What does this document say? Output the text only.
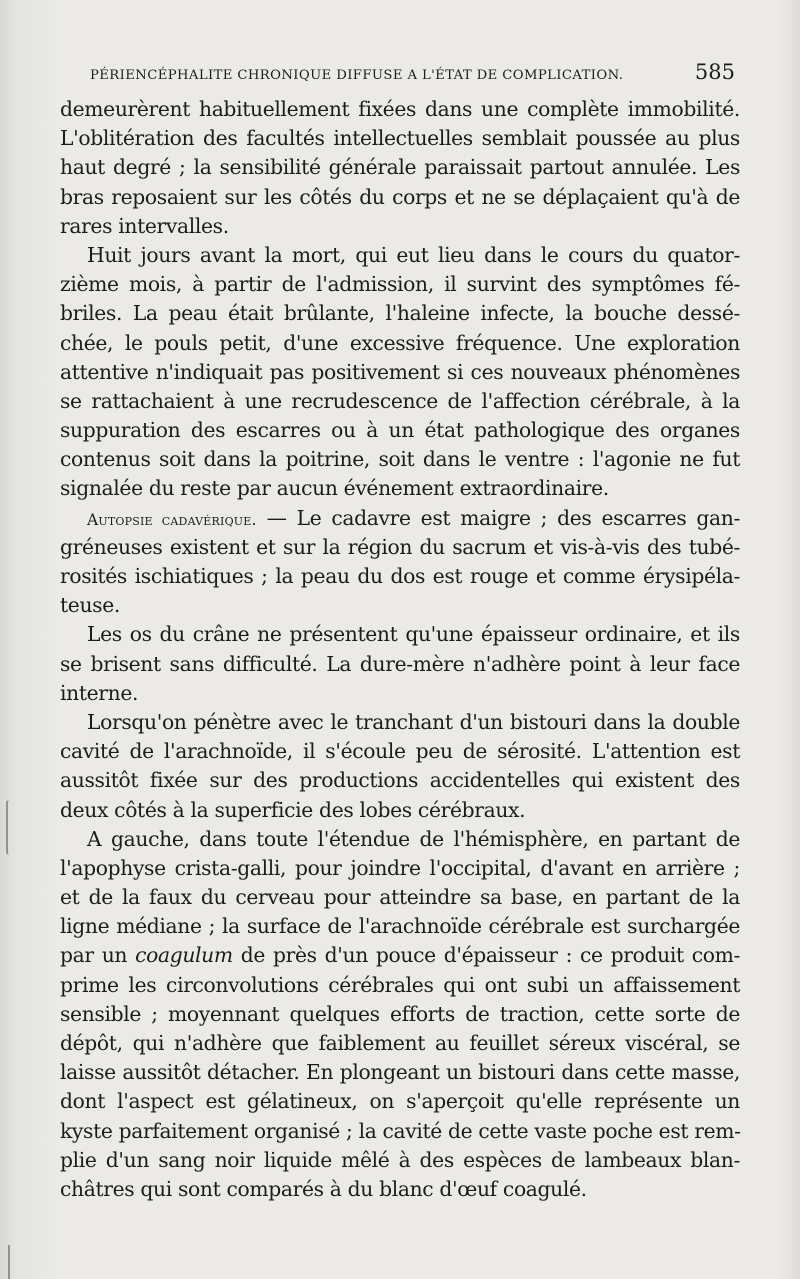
PÉRIENCÉPHALITE CHRONIQUE DIFFUSE A L'ÉTAT DE COMPLICATION.	585
demeurèrent habituellement fixées dans une complète immobilité.
L'oblitération des facultés intellectuelles semblait poussée au plus
haut degré ; la sensibilité générale paraissait partout annulée. Les
bras reposaient sur les côtés du corps et ne se déplaçaient qu'à de
rares intervalles.
Huit jours avant la mort, qui eut lieu dans le cours du quator-
zième mois, à partir de l'admission, il survint des symptômes fé-
briles. La peau était brûlante, l'haleine infecte, la bouche dessé-
chée, le pouls petit, d'une excessive fréquence. Une exploration
attentive n'indiquait pas positivement si ces nouveaux phénomènes
se rattachaient à une recrudescence de l'affection cérébrale, à la
suppuration des escarres ou à un état pathologique des organes
contenus soit dans la poitrine, soit dans le ventre : l'agonie ne fut
signalée du reste par aucun événement extraordinaire.
Autopsie cadavérique. — Le cadavre est maigre ; des escarres gan-
gréneuses existent et sur la région du sacrum et vis-à-vis des tubé-
rosités ischiatiques ; la peau du dos est rouge et comme érysipéla-
teuse.
Les os du crâne ne présentent qu'une épaisseur ordinaire, et ils
se brisent sans difficulté. La dure-mère n'adhère point à leur face
interne.
Lorsqu'on pénètre avec le tranchant d'un bistouri dans la double
cavité de l'arachnoïde, il s'écoule peu de sérosité. L'attention est
aussitôt fixée sur des productions accidentelles qui existent des
deux côtés à la superficie des lobes cérébraux.
A gauche, dans toute l'étendue de l'hémisphère, en partant de
l'apophyse crista-galli, pour joindre l'occipital, d'avant en arrière ;
et de la faux du cerveau pour atteindre sa base, en partant de la
ligne médiane ; la surface de l'arachnoïde cérébrale est surchargée
par un coagulum de près d'un pouce d'épaisseur : ce produit com-
prime les circonvolutions cérébrales qui ont subi un affaissement
sensible ; moyennant quelques efforts de traction, cette sorte de
dépôt, qui n'adhère que faiblement au feuillet séreux viscéral, se
laisse aussitôt détacher. En plongeant un bistouri dans cette masse,
dont l'aspect est gélatineux, on s'aperçoit qu'elle représente un
kyste parfaitement organisé ; la cavité de cette vaste poche est rem-
plie d'un sang noir liquide mêlé à des espèces de lambeaux blan-
châtres qui sont comparés à du blanc d'œuf coagulé.
